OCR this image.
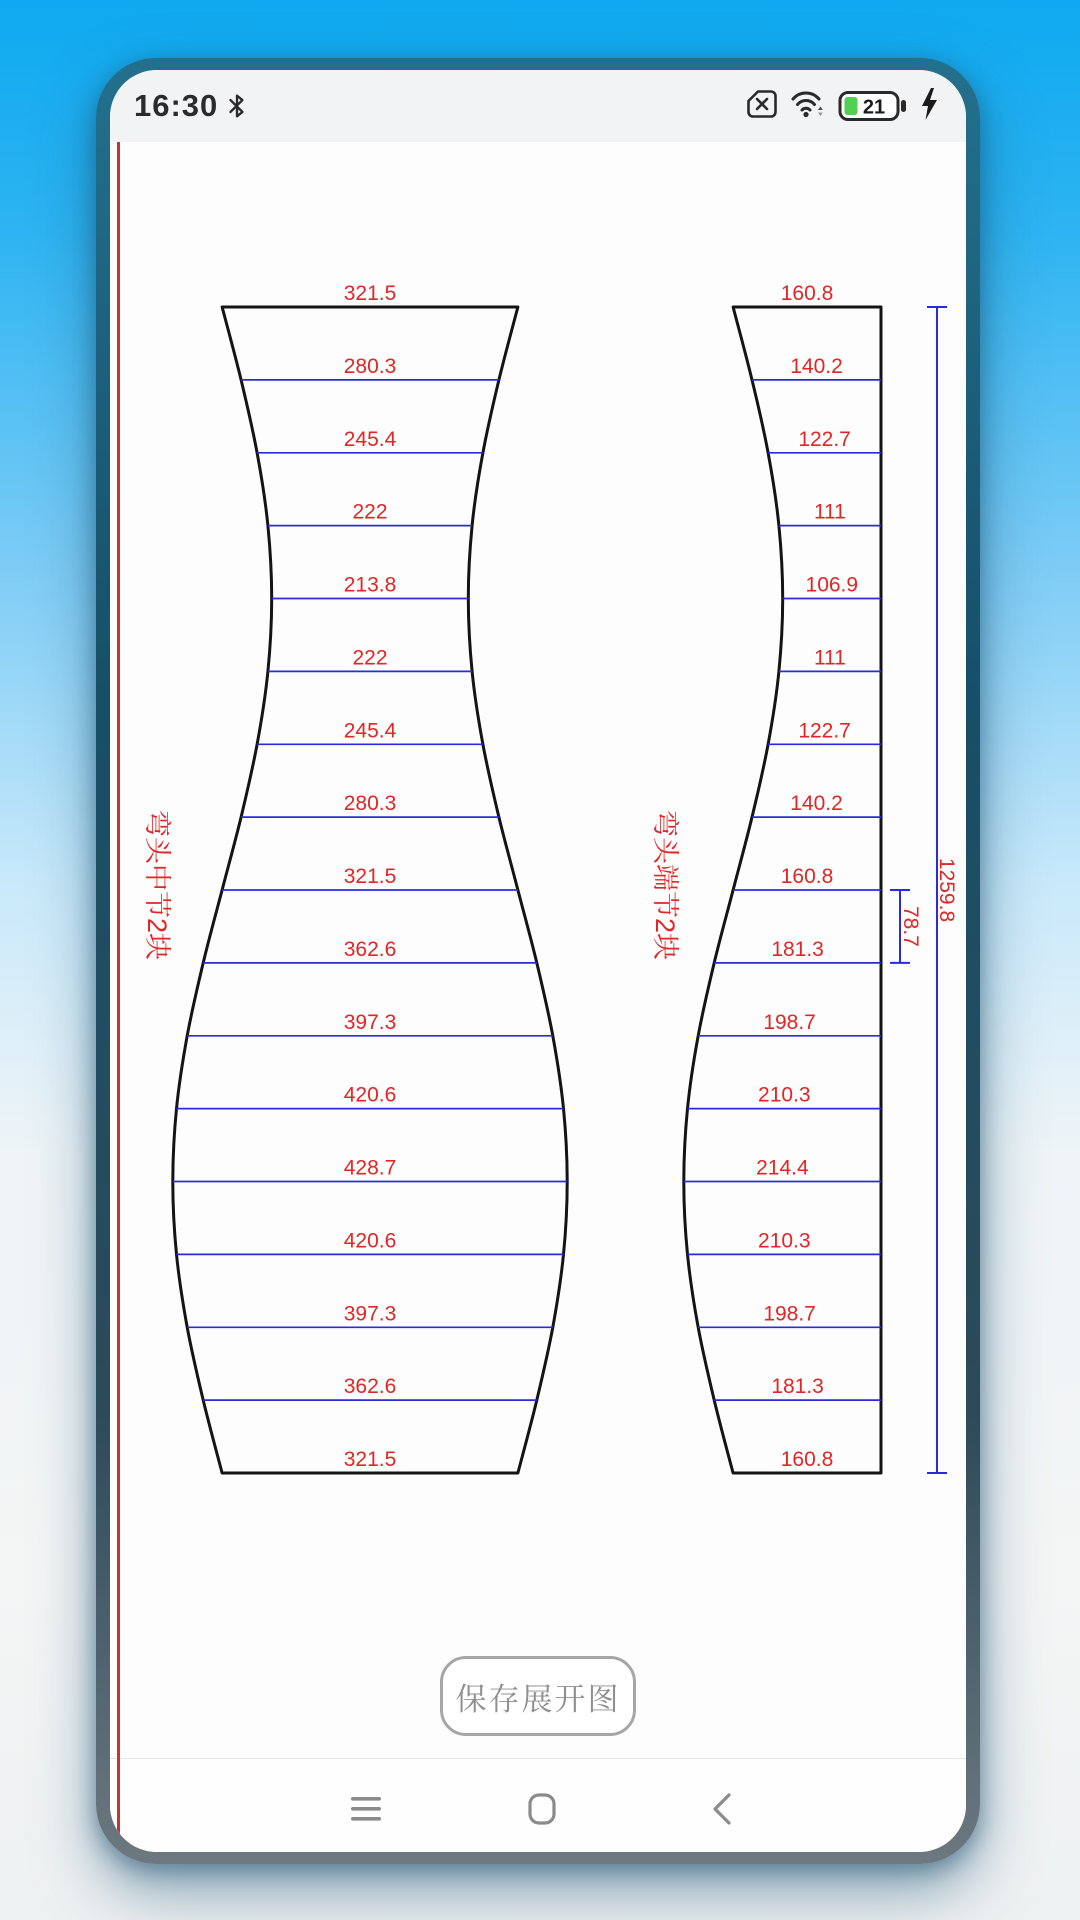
16:30	21
321.5	160.8
280.3	140.2
245.4	122.7
222	111
213.8	106.9
222	111
245.4	122.7
280.3	140.2
321.5	160.8
362.6	181.3
397.3	198.7
420.6	210.3
428.7	214.4
420.6	210.3
397.3	198.7
362.6	181.3
321.5	160.8
1259.8
78.7
弯头中节2块	弯头端节2块
保存展开图
